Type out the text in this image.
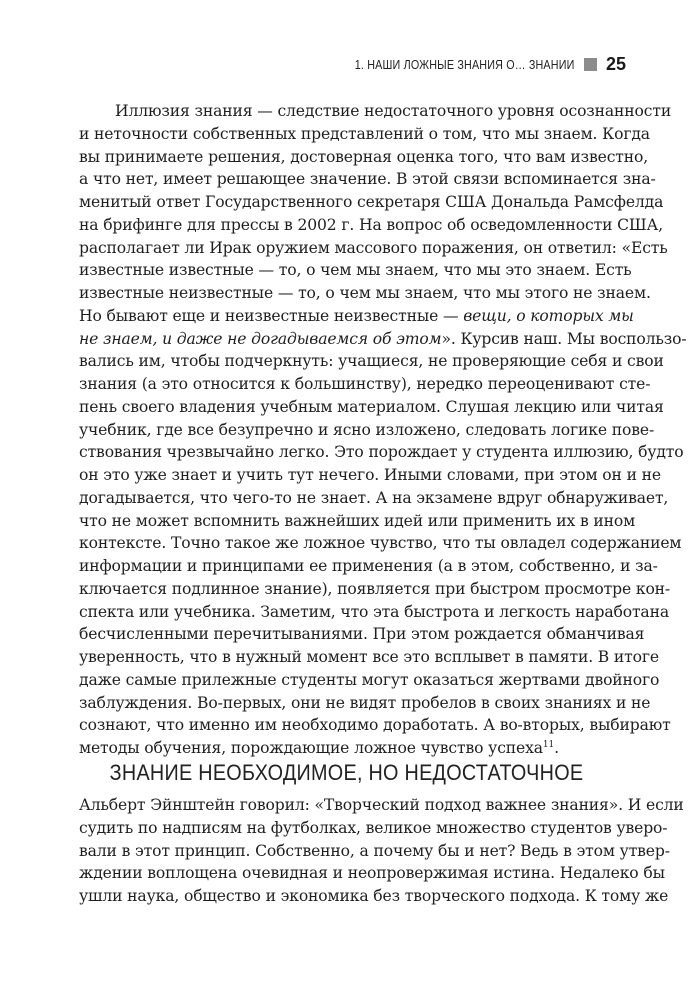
1. НАШИ ЛОЖНЫЕ ЗНАНИЯ О… ЗНАНИИ 25
Иллюзия знания — следствие недостаточного уровня осознанности
и неточности собственных представлений о том, что мы знаем. Когда
вы принимаете решения, достоверная оценка того, что вам известно,
а что нет, имеет решающее значение. В этой связи вспоминается зна-
менитый ответ Государственного секретаря США Дональда Рамсфелда
на брифинге для прессы в 2002 г. На вопрос об осведомленности США,
располагает ли Ирак оружием массового поражения, он ответил: «Есть
известные известные — то, о чем мы знаем, что мы это знаем. Есть
известные неизвестные — то, о чем мы знаем, что мы этого не знаем.
Но бывают еще и неизвестные неизвестные — вещи, о которых мы
не знаем, и даже не догадываемся об этом». Курсив наш. Мы воспользо-
вались им, чтобы подчеркнуть: учащиеся, не проверяющие себя и свои
знания (а это относится к большинству), нередко переоценивают сте-
пень своего владения учебным материалом. Слушая лекцию или читая
учебник, где все безупречно и ясно изложено, следовать логике пове-
ствования чрезвычайно легко. Это порождает у студента иллюзию, будто
он это уже знает и учить тут нечего. Иными словами, при этом он и не
догадывается, что чего-то не знает. А на экзамене вдруг обнаруживает,
что не может вспомнить важнейших идей или применить их в ином
контексте. Точно такое же ложное чувство, что ты овладел содержанием
информации и принципами ее применения (а в этом, собственно, и за-
ключается подлинное знание), появляется при быстром просмотре кон-
спекта или учебника. Заметим, что эта быстрота и легкость наработана
бесчисленными перечитываниями. При этом рождается обманчивая
уверенность, что в нужный момент все это всплывет в памяти. В итоге
даже самые прилежные студенты могут оказаться жертвами двойного
заблуждения. Во-первых, они не видят пробелов в своих знаниях и не
сознают, что именно им необходимо доработать. А во-вторых, выбирают
методы обучения, порождающие ложное чувство успеха$^{11}$.
ЗНАНИЕ НЕОБХОДИМОЕ, НО НЕДОСТАТОЧНОЕ
Альберт Эйнштейн говорил: «Творческий подход важнее знания». И если
судить по надписям на футболках, великое множество студентов уверо-
вали в этот принцип. Собственно, а почему бы и нет? Ведь в этом утвер-
ждении воплощена очевидная и неопровержимая истина. Недалеко бы
ушли наука, общество и экономика без творческого подхода. К тому же
